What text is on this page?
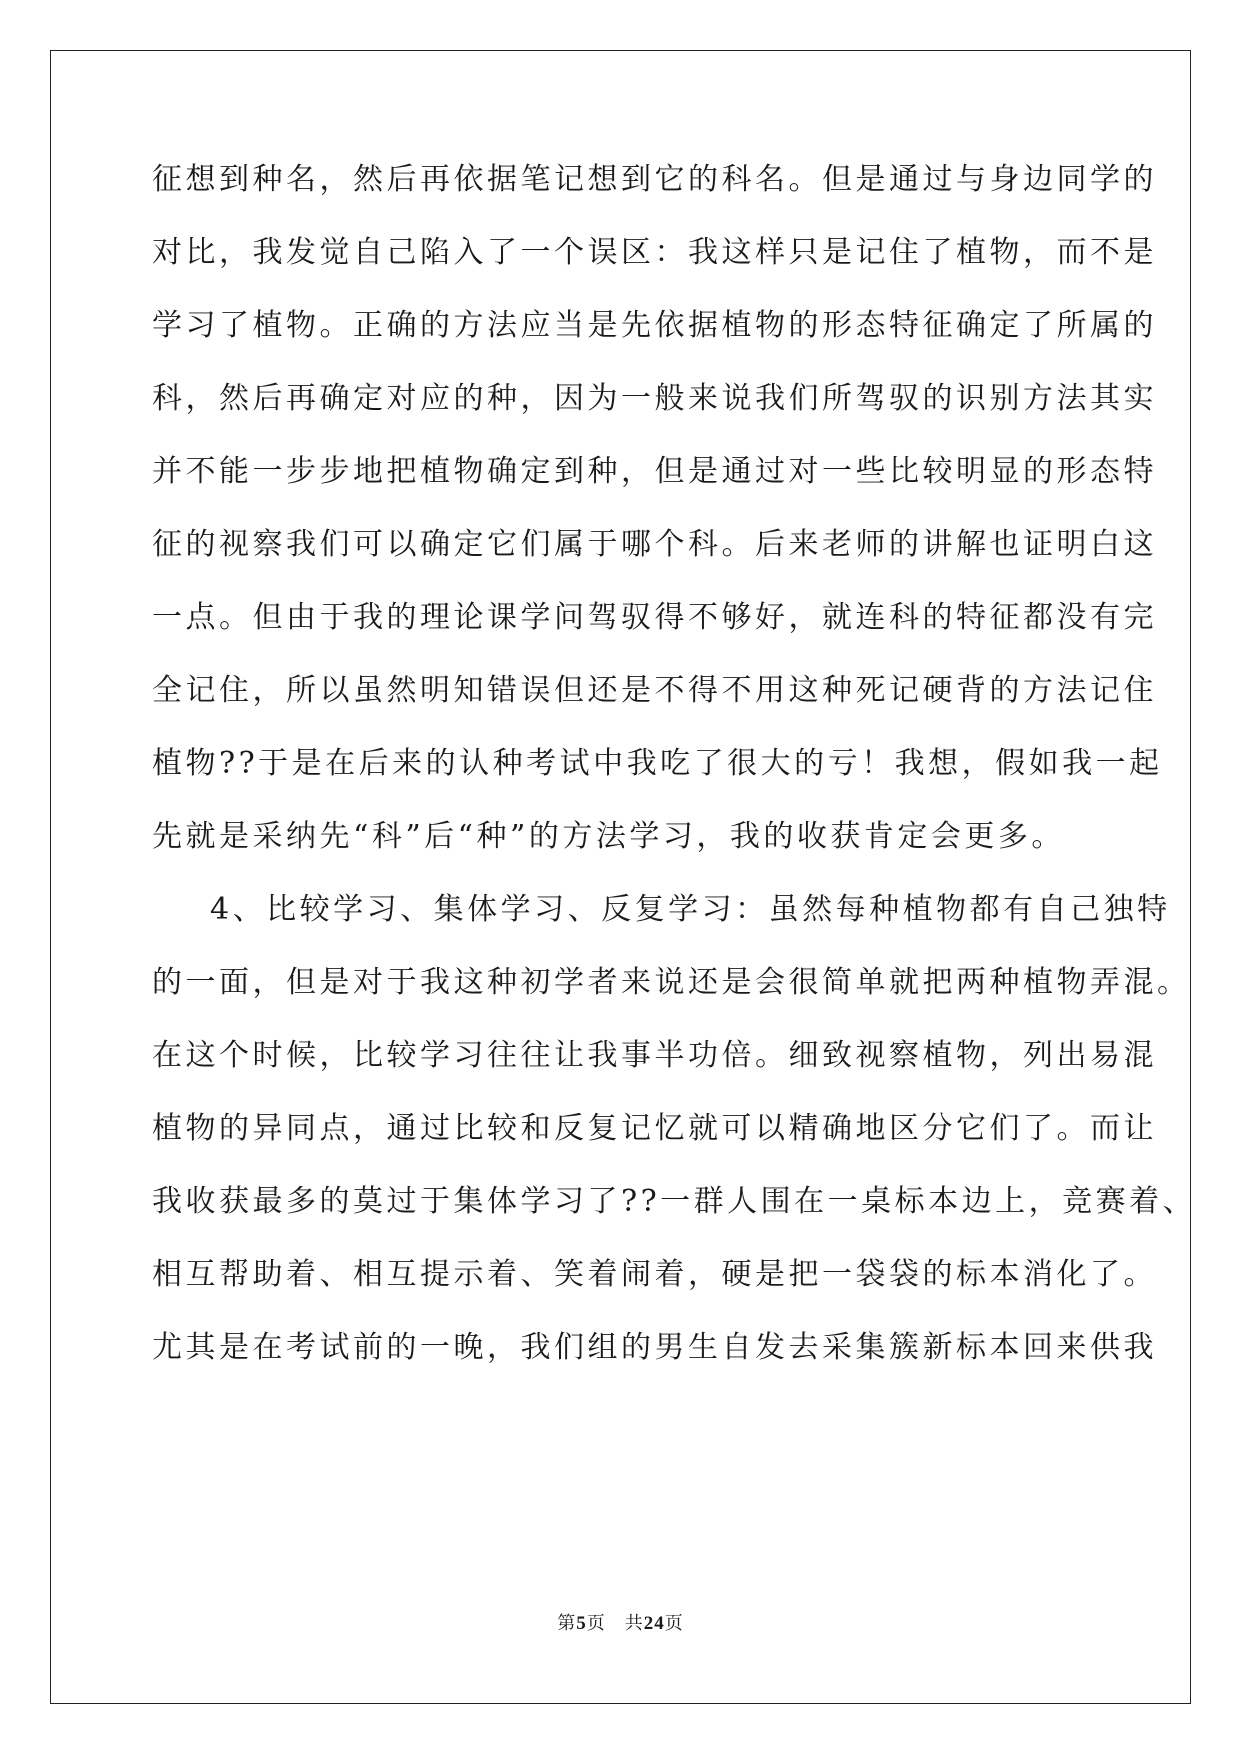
征想到种名，然后再依据笔记想到它的科名。但是通过与身边同学的
对比，我发觉自己陷入了一个误区：我这样只是记住了植物，而不是
学习了植物。正确的方法应当是先依据植物的形态特征确定了所属的
科，然后再确定对应的种，因为一般来说我们所驾驭的识别方法其实
并不能一步步地把植物确定到种，但是通过对一些比较明显的形态特
征的视察我们可以确定它们属于哪个科。后来老师的讲解也证明白这
一点。但由于我的理论课学问驾驭得不够好，就连科的特征都没有完
全记住，所以虽然明知错误但还是不得不用这种死记硬背的方法记住
植物??于是在后来的认种考试中我吃了很大的亏！我想，假如我一起
先就是采纳先“科”后“种”的方法学习，我的收获肯定会更多。
4、比较学习、集体学习、反复学习：虽然每种植物都有自己独特
的一面，但是对于我这种初学者来说还是会很简单就把两种植物弄混。
在这个时候，比较学习往往让我事半功倍。细致视察植物，列出易混
植物的异同点，通过比较和反复记忆就可以精确地区分它们了。而让
我收获最多的莫过于集体学习了??一群人围在一桌标本边上，竞赛着、
相互帮助着、相互提示着、笑着闹着，硬是把一袋袋的标本消化了。
尤其是在考试前的一晚，我们组的男生自发去采集簇新标本回来供我
第5页　共24页
